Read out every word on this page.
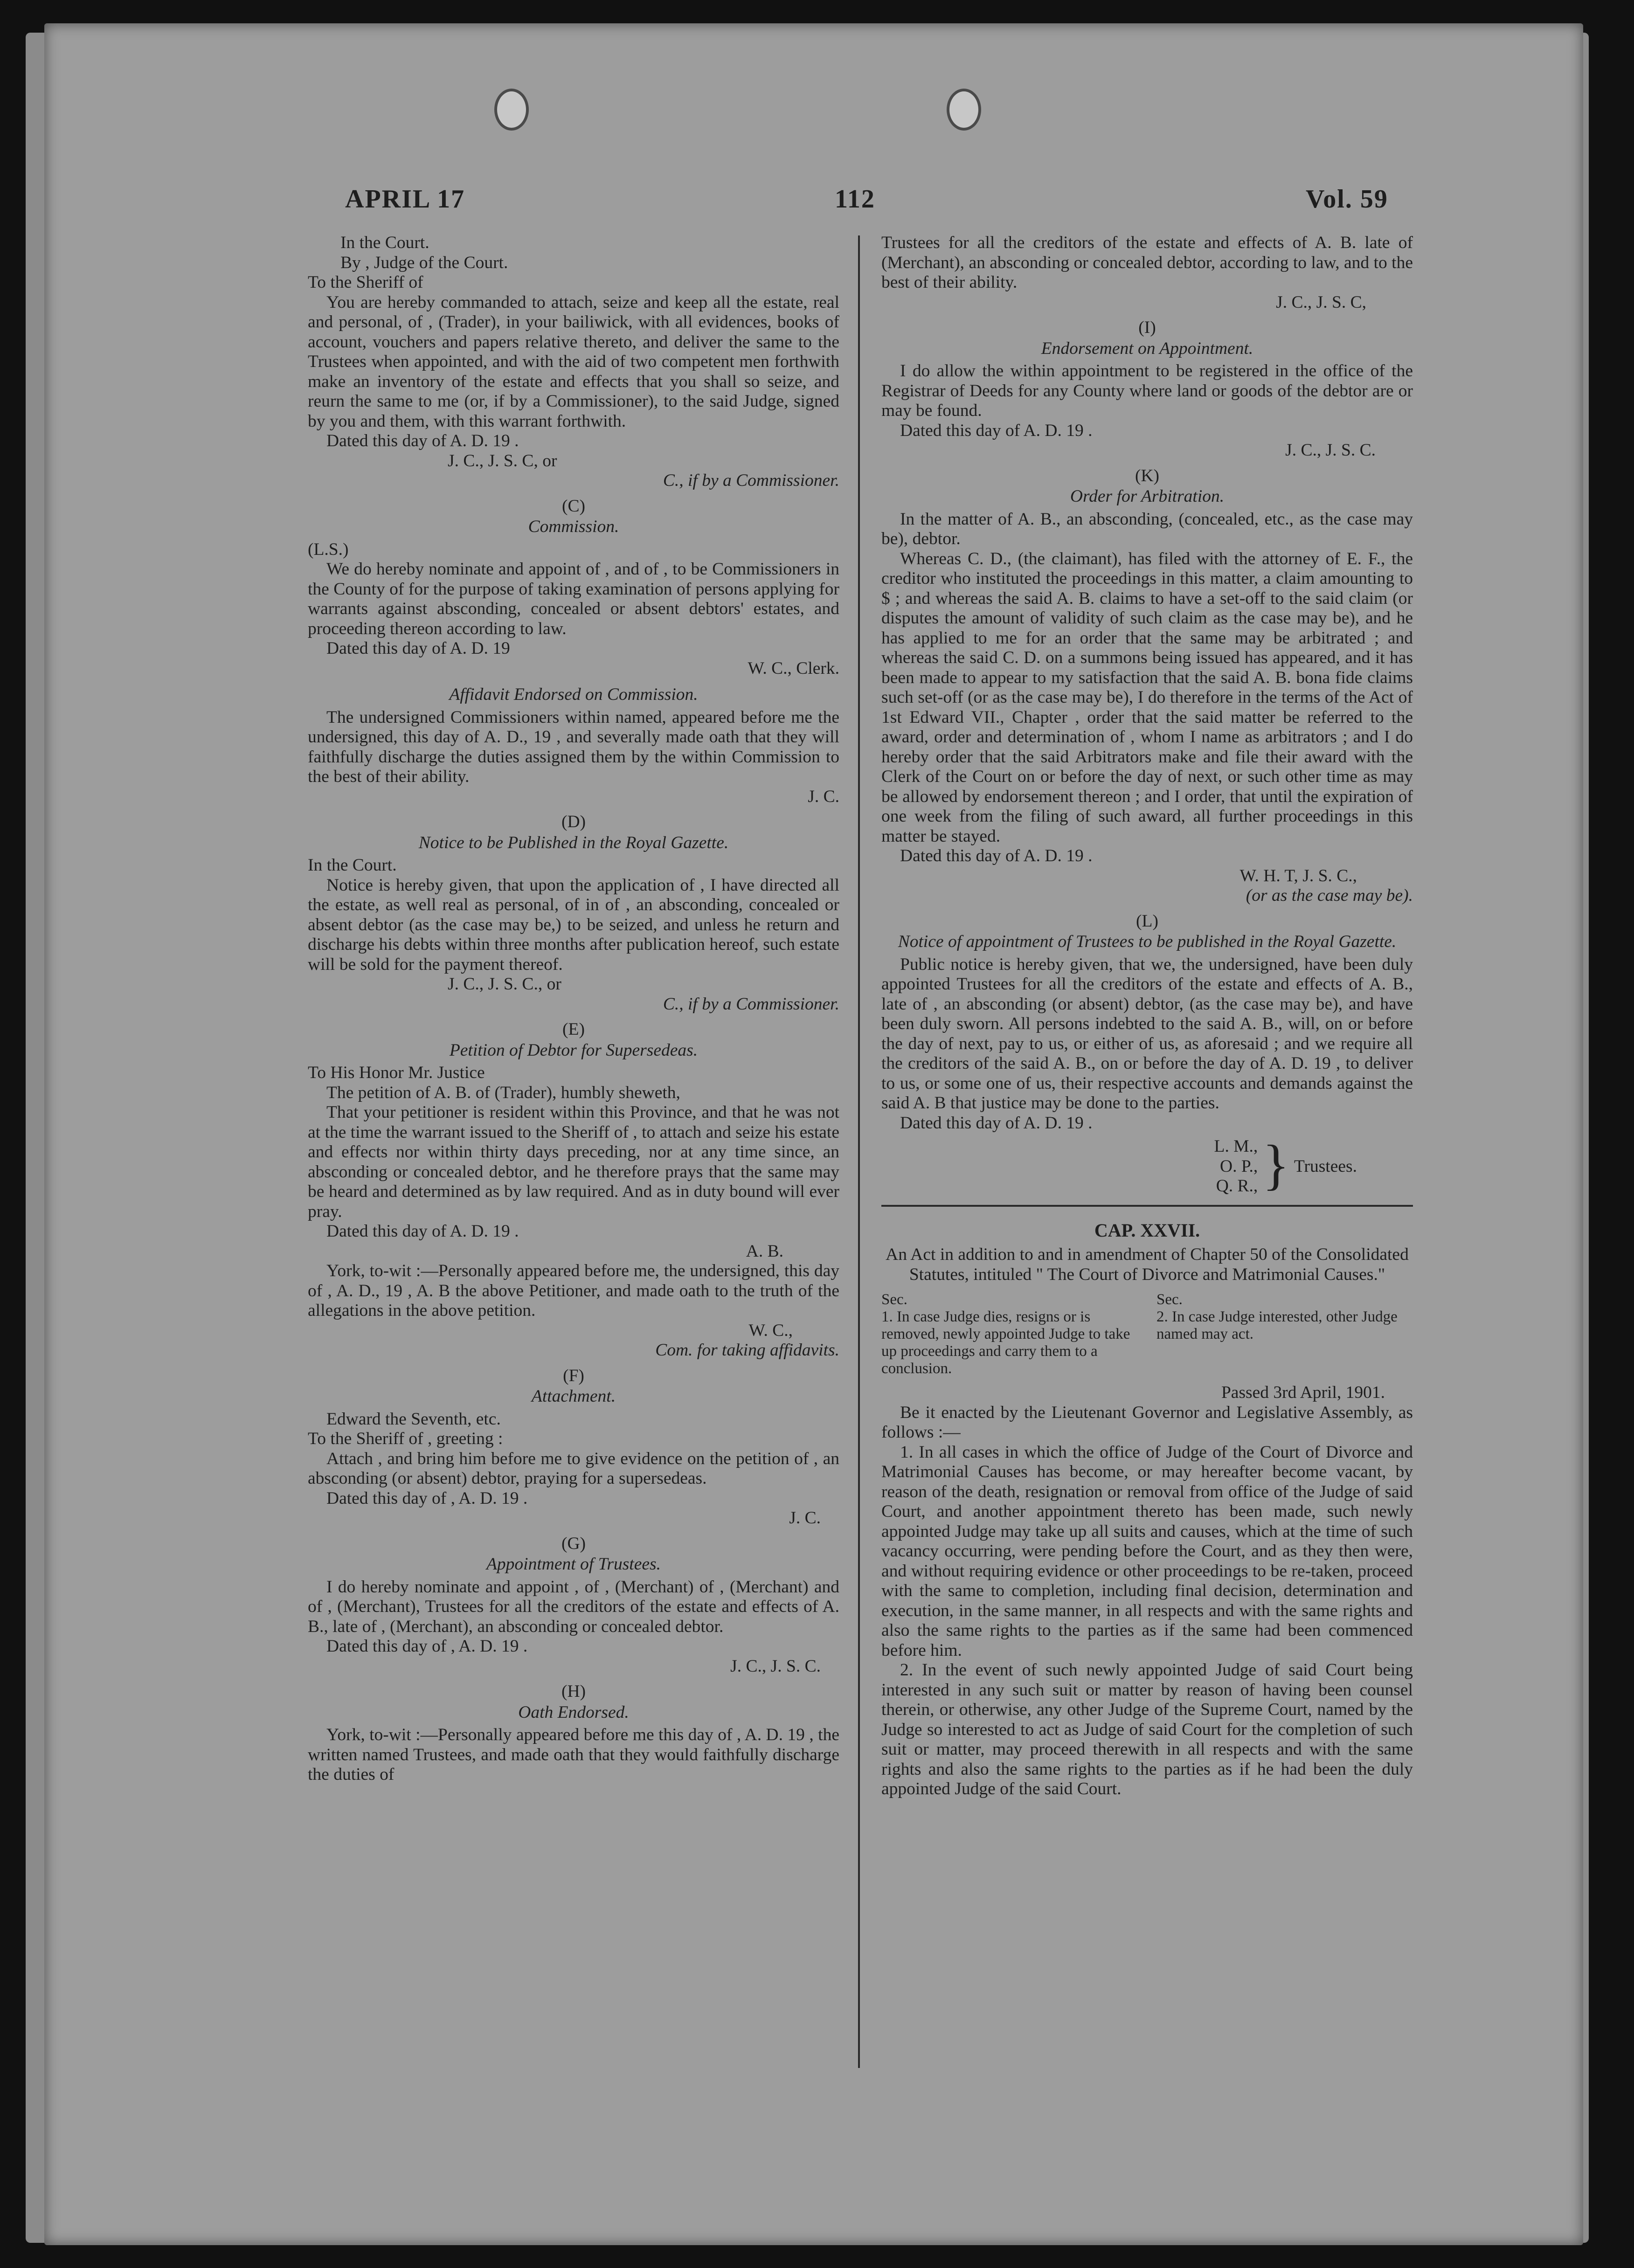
APRIL 17	112	Vol. 59

In the Court.

By , Judge of the Court.

To the Sheriff of

You are hereby commanded to attach, seize and keep all the estate, real and personal, of , (Trader), in your bailiwick, with all evidences, books of account, vouchers and papers relative thereto, and deliver the same to the Trustees when appointed, and with the aid of two competent men forthwith make an inventory of the estate and effects that you shall so seize, and reurn the same to me (or, if by a Commissioner), to the said Judge, signed by you and them, with this warrant forthwith.

Dated this day of A. D. 19 .

J. C., J. S. C, or

C., if by a Commissioner.

(C)

Commission.

(L.S.)

We do hereby nominate and appoint of , and of , to be Commissioners in the County of for the purpose of taking examination of persons applying for warrants against absconding, concealed or absent debtors' estates, and proceeding thereon according to law.

Dated this day of A. D. 19

W. C., Clerk.

Affidavit Endorsed on Commission.

The undersigned Commissioners within named, appeared before me the undersigned, this day of A. D., 19 , and severally made oath that they will faithfully discharge the duties assigned them by the within Commission to the best of their ability.

J. C.

(D)

Notice to be Published in the Royal Gazette.

In the Court.

Notice is hereby given, that upon the application of , I have directed all the estate, as well real as personal, of in of , an absconding, concealed or absent debtor (as the case may be,) to be seized, and unless he return and discharge his debts within three months after publication hereof, such estate will be sold for the payment thereof.

J. C., J. S. C., or

C., if by a Commissioner.

(E)

Petition of Debtor for Supersedeas.

To His Honor Mr. Justice

The petition of A. B. of (Trader), humbly sheweth,

That your petitioner is resident within this Province, and that he was not at the time the warrant issued to the Sheriff of , to attach and seize his estate and effects nor within thirty days preceding, nor at any time since, an absconding or concealed debtor, and he therefore prays that the same may be heard and determined as by law required. And as in duty bound will ever pray.

Dated this day of A. D. 19 .

A. B.

York, to-wit :—Personally appeared before me, the undersigned, this day of , A. D., 19 , A. B the above Petitioner, and made oath to the truth of the allegations in the above petition.

W. C.,

Com. for taking affidavits.

(F)

Attachment.

Edward the Seventh, etc.

To the Sheriff of , greeting :

Attach , and bring him before me to give evidence on the petition of , an absconding (or absent) debtor, praying for a supersedeas.

Dated this day of , A. D. 19 .

J. C.

(G)

Appointment of Trustees.

I do hereby nominate and appoint , of , (Merchant) of , (Merchant) and of , (Merchant), Trustees for all the creditors of the estate and effects of A. B., late of , (Merchant), an absconding or concealed debtor.

Dated this day of , A. D. 19 .

J. C., J. S. C.

(H)

Oath Endorsed.

York, to-wit :—Personally appeared before me this day of , A. D. 19 , the written named Trustees, and made oath that they would faithfully discharge the duties of

Trustees for all the creditors of the estate and effects of A. B. late of (Merchant), an absconding or concealed debtor, according to law, and to the best of their ability.

J. C., J. S. C,

(I)

Endorsement on Appointment.

I do allow the within appointment to be registered in the office of the Registrar of Deeds for any County where land or goods of the debtor are or may be found.

Dated this day of A. D. 19 .

J. C., J. S. C.

(K)

Order for Arbitration.

In the matter of A. B., an absconding, (concealed, etc., as the case may be), debtor.

Whereas C. D., (the claimant), has filed with the attorney of E. F., the creditor who instituted the proceedings in this matter, a claim amounting to $ ; and whereas the said A. B. claims to have a set-off to the said claim (or disputes the amount of validity of such claim as the case may be), and he has applied to me for an order that the same may be arbitrated ; and whereas the said C. D. on a summons being issued has appeared, and it has been made to appear to my satisfaction that the said A. B. bona fide claims such set-off (or as the case may be), I do therefore in the terms of the Act of 1st Edward VII., Chapter , order that the said matter be referred to the award, order and determination of , whom I name as arbitrators ; and I do hereby order that the said Arbitrators make and file their award with the Clerk of the Court on or before the day of next, or such other time as may be allowed by endorsement thereon ; and I order, that until the expiration of one week from the filing of such award, all further proceedings in this matter be stayed.

Dated this day of A. D. 19 .

W. H. T, J. S. C.,

(or as the case may be).

(L)

Notice of appointment of Trustees to be published in the Royal Gazette.

Public notice is hereby given, that we, the undersigned, have been duly appointed Trustees for all the creditors of the estate and effects of A. B., late of , an absconding (or absent) debtor, (as the case may be), and have been duly sworn. All persons indebted to the said A. B., will, on or before the day of next, pay to us, or either of us, as aforesaid ; and we require all the creditors of the said A. B., on or before the day of A. D. 19 , to deliver to us, or some one of us, their respective accounts and demands against the said A. B that justice may be done to the parties.

Dated this day of A. D. 19 .

L. M.,
O. P.,
Q. R., } Trustees.

CAP. XXVII.

An Act in addition to and in amendment of Chapter 50 of the Consolidated Statutes, intituled " The Court of Divorce and Matrimonial Causes."

Sec.

1. In case Judge dies, resigns or is removed, newly appointed Judge to take up proceedings and carry them to a conclusion.

Sec.

2. In case Judge interested, other Judge named may act.

Passed 3rd April, 1901.

Be it enacted by the Lieutenant Governor and Legislative Assembly, as follows :—

1. In all cases in which the office of Judge of the Court of Divorce and Matrimonial Causes has become, or may hereafter become vacant, by reason of the death, resignation or removal from office of the Judge of said Court, and another appointment thereto has been made, such newly appointed Judge may take up all suits and causes, which at the time of such vacancy occurring, were pending before the Court, and as they then were, and without requiring evidence or other proceedings to be re-taken, proceed with the same to completion, including final decision, determination and execution, in the same manner, in all respects and with the same rights and also the same rights to the parties as if the same had been commenced before him.

2. In the event of such newly appointed Judge of said Court being interested in any such suit or matter by reason of having been counsel therein, or otherwise, any other Judge of the Supreme Court, named by the Judge so interested to act as Judge of said Court for the completion of such suit or matter, may proceed therewith in all respects and with the same rights and also the same rights to the parties as if he had been the duly appointed Judge of the said Court.
